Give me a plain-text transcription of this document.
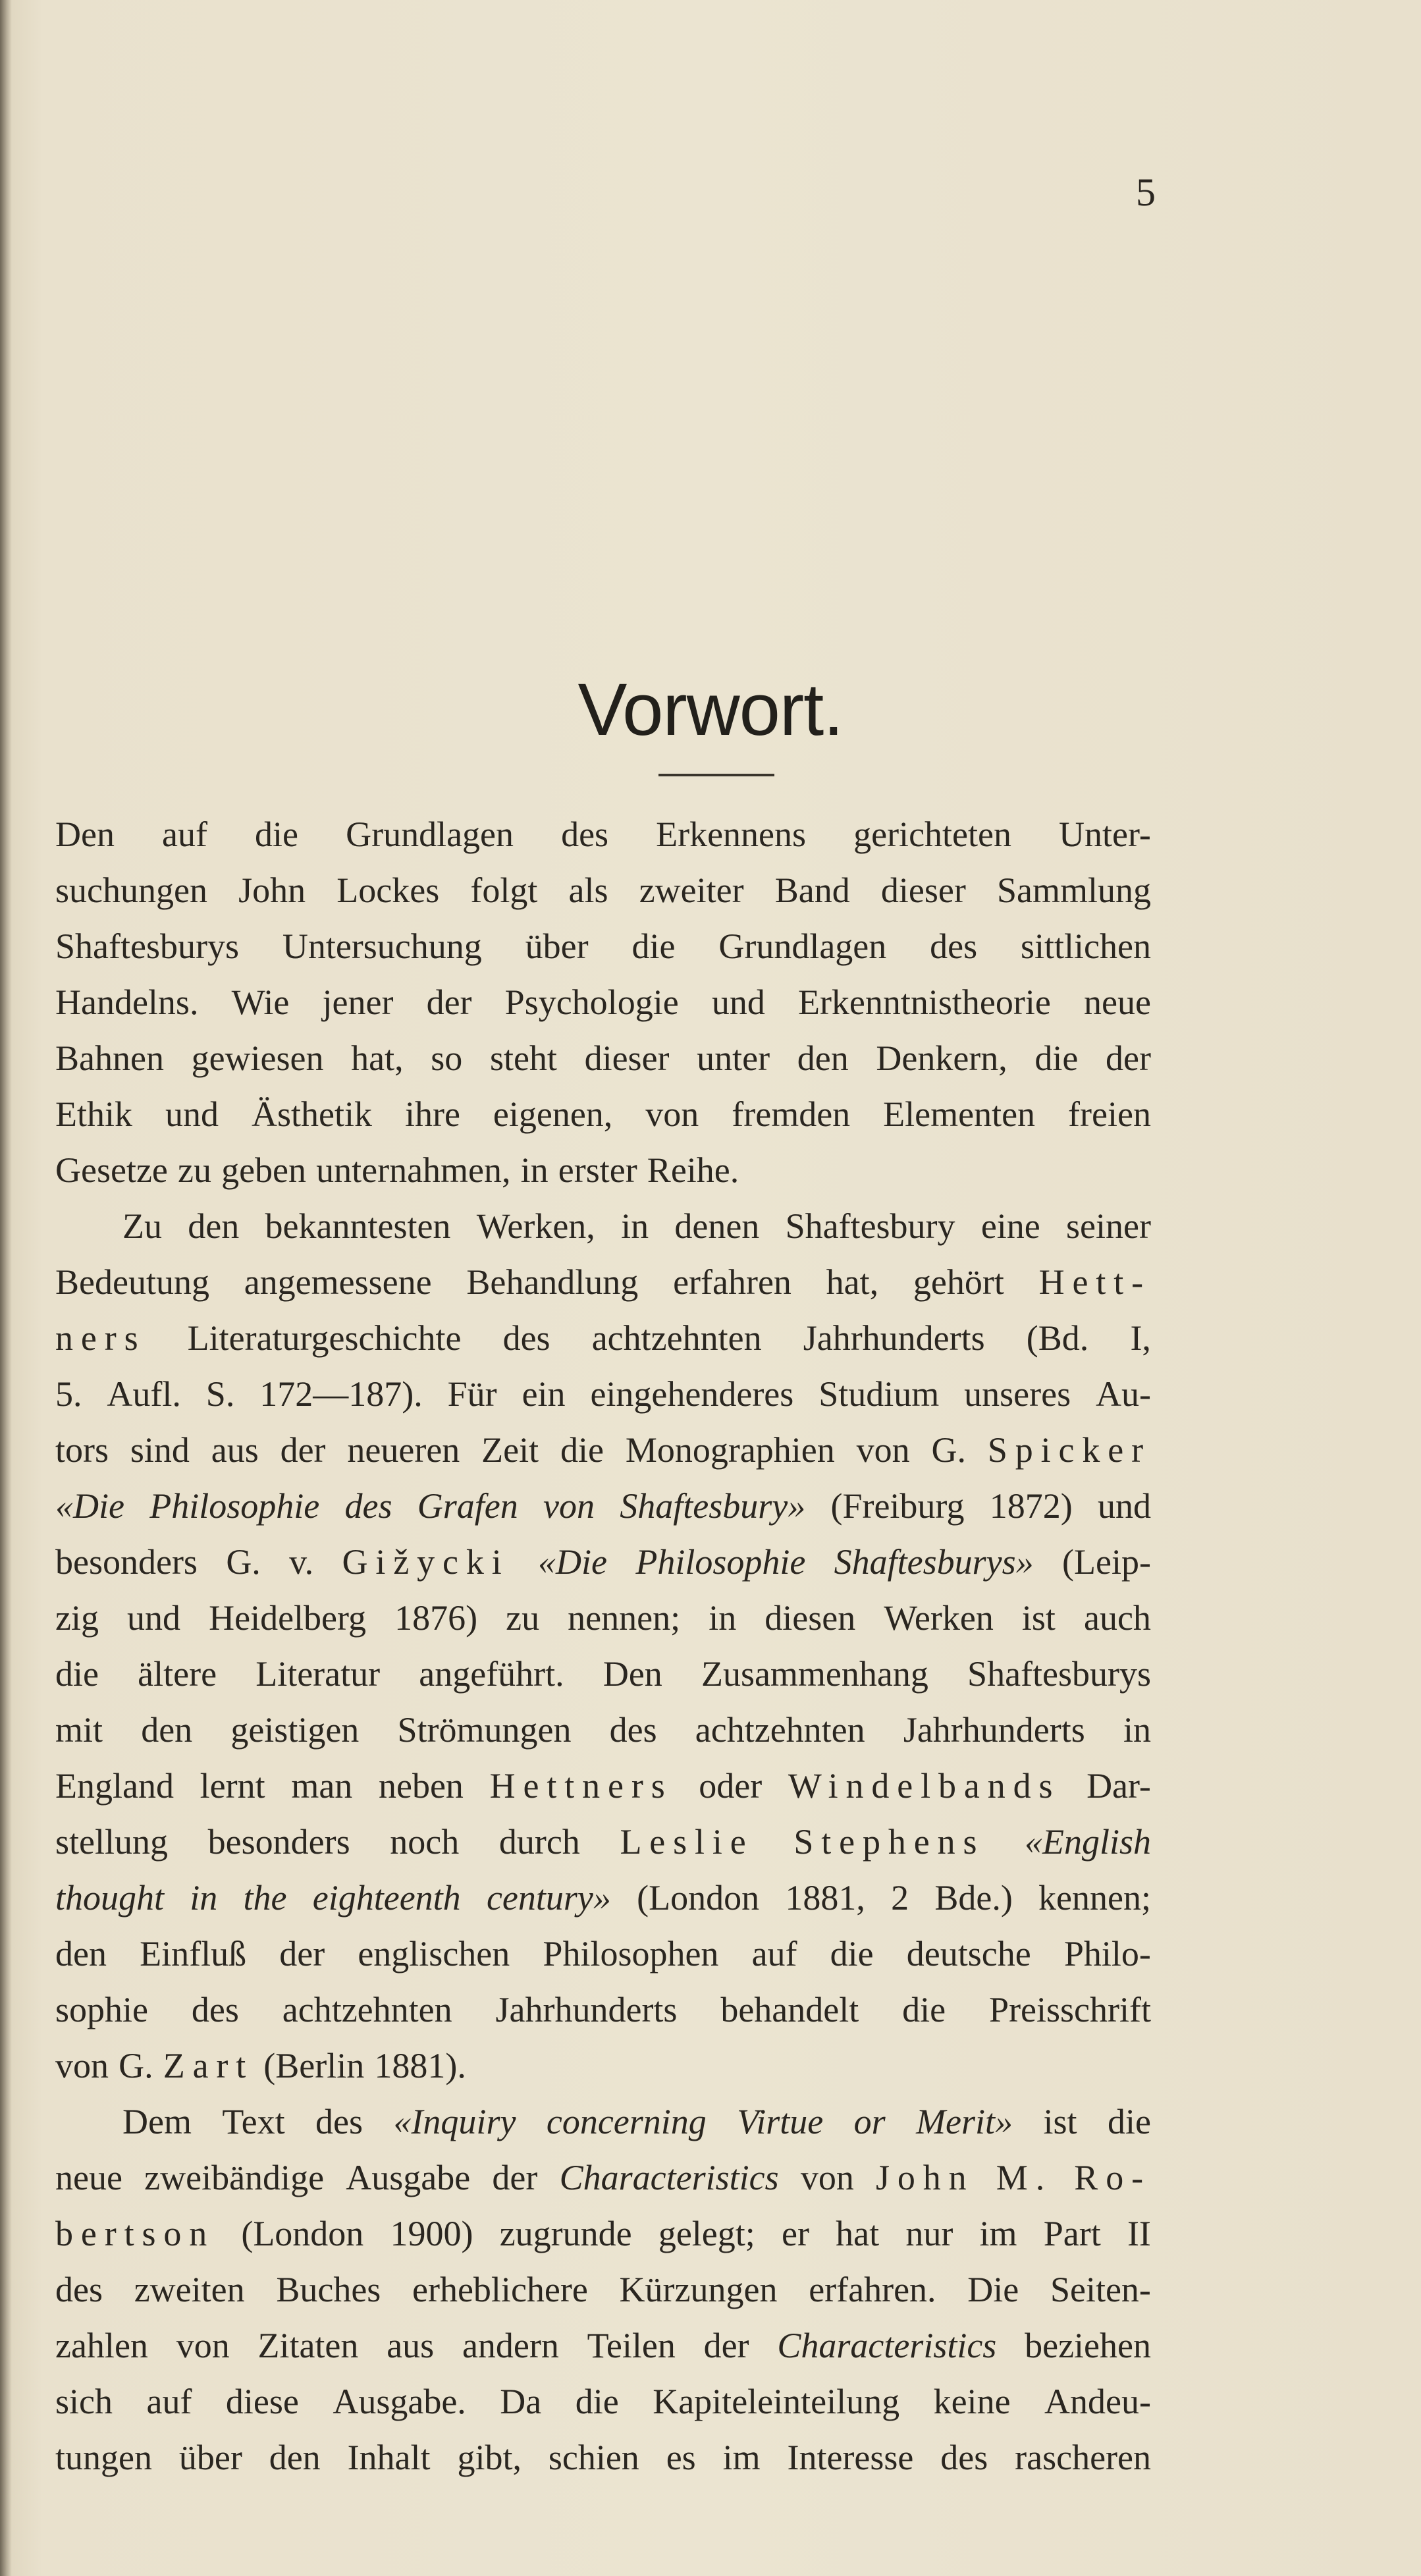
5
Vorwort.
Den auf die Grundlagen des Erkennens gerichteten Unter-
suchungen John Lockes folgt als zweiter Band dieser Sammlung
Shaftesburys Untersuchung über die Grundlagen des sittlichen
Handelns. Wie jener der Psychologie und Erkenntnistheorie neue
Bahnen gewiesen hat, so steht dieser unter den Denkern, die der
Ethik und Ästhetik ihre eigenen, von fremden Elementen freien
Gesetze zu geben unternahmen, in erster Reihe.
Zu den bekanntesten Werken, in denen Shaftesbury eine seiner
Bedeutung angemessene Behandlung erfahren hat, gehört Hett-
ners Literaturgeschichte des achtzehnten Jahrhunderts (Bd. I,
5. Aufl. S. 172—187). Für ein eingehenderes Studium unseres Au-
tors sind aus der neueren Zeit die Monographien von G. Spicker
«Die Philosophie des Grafen von Shaftesbury» (Freiburg 1872) und
besonders G. v. Gižycki «Die Philosophie Shaftesburys» (Leip-
zig und Heidelberg 1876) zu nennen; in diesen Werken ist auch
die ältere Literatur angeführt. Den Zusammenhang Shaftesburys
mit den geistigen Strömungen des achtzehnten Jahrhunderts in
England lernt man neben Hettners oder Windelbands Dar-
stellung besonders noch durch Leslie Stephens «English
thought in the eighteenth century» (London 1881, 2 Bde.) kennen;
den Einfluß der englischen Philosophen auf die deutsche Philo-
sophie des achtzehnten Jahrhunderts behandelt die Preisschrift
von G. Zart (Berlin 1881).
Dem Text des «Inquiry concerning Virtue or Merit» ist die
neue zweibändige Ausgabe der Characteristics von John M. Ro-
bertson (London 1900) zugrunde gelegt; er hat nur im Part II
des zweiten Buches erheblichere Kürzungen erfahren. Die Seiten-
zahlen von Zitaten aus andern Teilen der Characteristics beziehen
sich auf diese Ausgabe. Da die Kapiteleinteilung keine Andeu-
tungen über den Inhalt gibt, schien es im Interesse des rascheren
